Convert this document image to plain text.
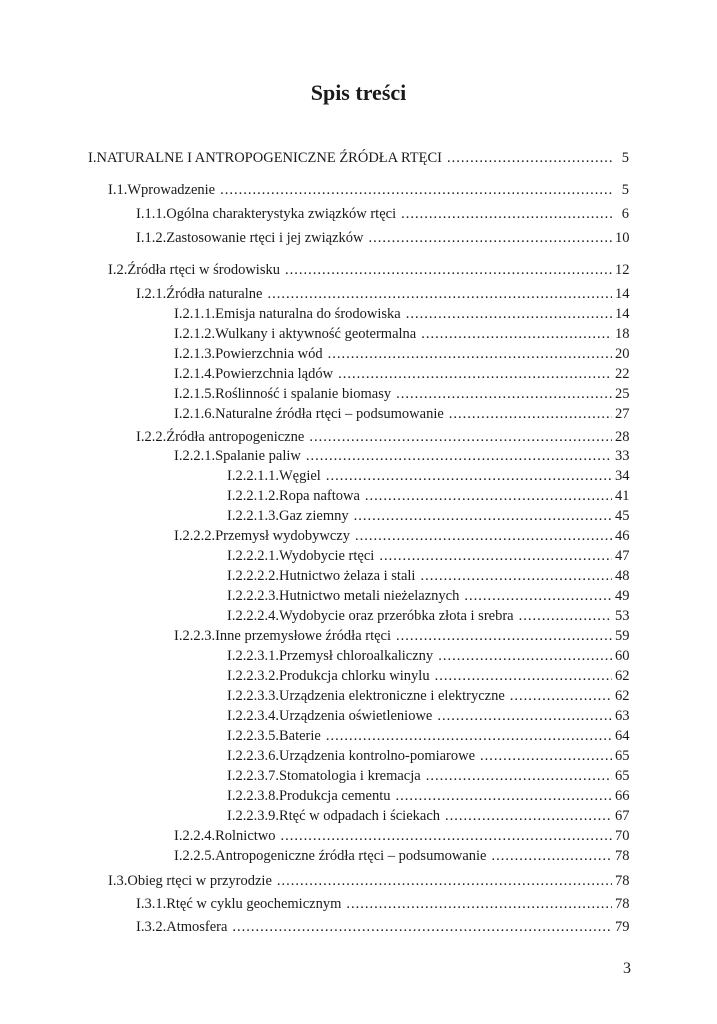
Spis treści
I. NATURALNE I ANTROPOGENICZNE ŹRÓDŁA RTĘCI .....	5
I.1. Wprowadzenie .....	5
I.1.1. Ogólna charakterystyka związków rtęci .....	6
I.1.2. Zastosowanie rtęci i jej związków .....	10
I.2. Źródła rtęci w środowisku .....	12
I.2.1. Źródła naturalne .....	14
I.2.1.1. Emisja naturalna do środowiska .....	14
I.2.1.2. Wulkany i aktywność geotermalna .....	18
I.2.1.3. Powierzchnia wód .....	20
I.2.1.4. Powierzchnia lądów .....	22
I.2.1.5. Roślinność i spalanie biomasy .....	25
I.2.1.6. Naturalne źródła rtęci – podsumowanie .....	27
I.2.2. Źródła antropogeniczne .....	28
I.2.2.1. Spalanie paliw .....	33
I.2.2.1.1. Węgiel .....	34
I.2.2.1.2. Ropa naftowa .....	41
I.2.2.1.3. Gaz ziemny .....	45
I.2.2.2. Przemysł wydobywczy .....	46
I.2.2.2.1. Wydobycie rtęci .....	47
I.2.2.2.2. Hutnictwo żelaza i stali .....	48
I.2.2.2.3. Hutnictwo metali nieżelaznych .....	49
I.2.2.2.4. Wydobycie oraz przeróbka złota i srebra .....	53
I.2.2.3. Inne przemysłowe źródła rtęci .....	59
I.2.2.3.1. Przemysł chloroalkaliczny .....	60
I.2.2.3.2. Produkcja chlorku winylu .....	62
I.2.2.3.3. Urządzenia elektroniczne i elektryczne .....	62
I.2.2.3.4. Urządzenia oświetleniowe .....	63
I.2.2.3.5. Baterie .....	64
I.2.2.3.6. Urządzenia kontrolno-pomiarowe .....	65
I.2.2.3.7. Stomatologia i kremacja .....	65
I.2.2.3.8. Produkcja cementu .....	66
I.2.2.3.9. Rtęć w odpadach i ściekach .....	67
I.2.2.4. Rolnictwo .....	70
I.2.2.5. Antropogeniczne źródła rtęci – podsumowanie .....	78
I.3. Obieg rtęci w przyrodzie .....	78
I.3.1. Rtęć w cyklu geochemicznym .....	78
I.3.2. Atmosfera .....	79
3
